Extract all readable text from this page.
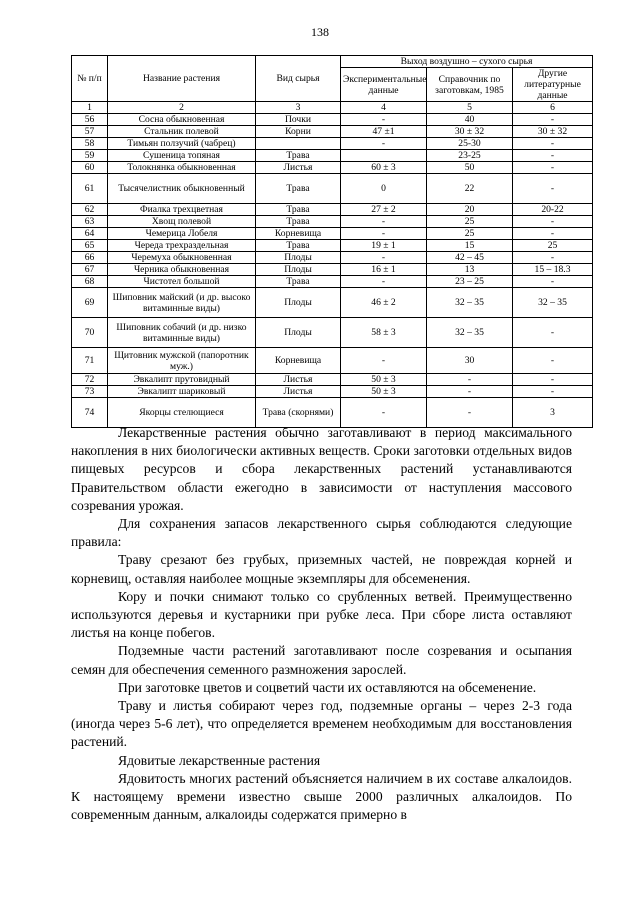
138
№ п/п	Название растения	Вид сырья	Выход воздушно – сухого сырья		
			Экспериментальные данные	Справочник по заготовкам, 1985	Другие литературные данные
1	2	3	4	5	6
56	Сосна обыкновенная	Почки	-	40	-
57	Стальник полевой	Корни	47 ±1	30 ± 32	30 ± 32
58	Тимьян ползучий (чабрец)		-	25-30	-
59	Сушеница топяная	Трава		23-25	-
60	Толокнянка обыкновенная	Листья	60 ± 3	50	-
61	Тысячелистник обыкновенный	Трава	0	22	-
62	Фиалка трехцветная	Трава	27 ± 2	20	20-22
63	Хвощ полевой	Трава	-	25	-
64	Чемерица Лобеля	Корневища	-	25	-
65	Череда трехраздельная	Трава	19 ± 1	15	25
66	Черемуха обыкновенная	Плоды	-	42 – 45	-
67	Черника обыкновенная	Плоды	16 ± 1	13	15 – 18.3
68	Чистотел большой	Трава	-	23 – 25	-
69	Шиповник майский (и др. высоко витаминные виды)	Плоды	46 ± 2	32 – 35	32 – 35
70	Шиповник собачий (и др. низко витаминные виды)	Плоды	58 ± 3	32 – 35	-
71	Щитовник мужской (папоротник муж.)	Корневища	-	30	-
72	Эвкалипт прутовидный	Листья	50 ± 3	-	-
73	Эвкалипт шариковый	Листья	50 ± 3	-	-
74	Якорцы стелющиеся	Трава (скорнями)	-	-	3

Лекарственные растения обычно заготавливают в период максимального накопления в них биологически активных веществ. Сроки заготовки отдельных видов пищевых ресурсов и сбора лекарственных растений устанавливаются Правительством области ежегодно в зависимости от наступления массового созревания урожая.

Для сохранения запасов лекарственного сырья соблюдаются следующие правила:

Траву срезают без грубых, приземных частей, не повреждая корней и корневищ, оставляя наиболее мощные экземпляры для обсеменения.

Кору и почки снимают только со срубленных ветвей. Преимущественно используются деревья и кустарники при рубке леса. При сборе листа оставляют листья на конце побегов.

Подземные части растений заготавливают после созревания и осыпания семян для обеспечения семенного размножения зарослей.

При заготовке цветов и соцветий части их оставляются на обсеменение.

Траву и листья собирают через год, подземные органы – через 2-3 года (иногда через 5-6 лет), что определяется временем необходимым для восстановления растений.

Ядовитые лекарственные растения

Ядовитость многих растений объясняется наличием в их составе алкалоидов. К настоящему времени известно свыше 2000 различных алкалоидов. По современным данным, алкалоиды содержатся примерно в
